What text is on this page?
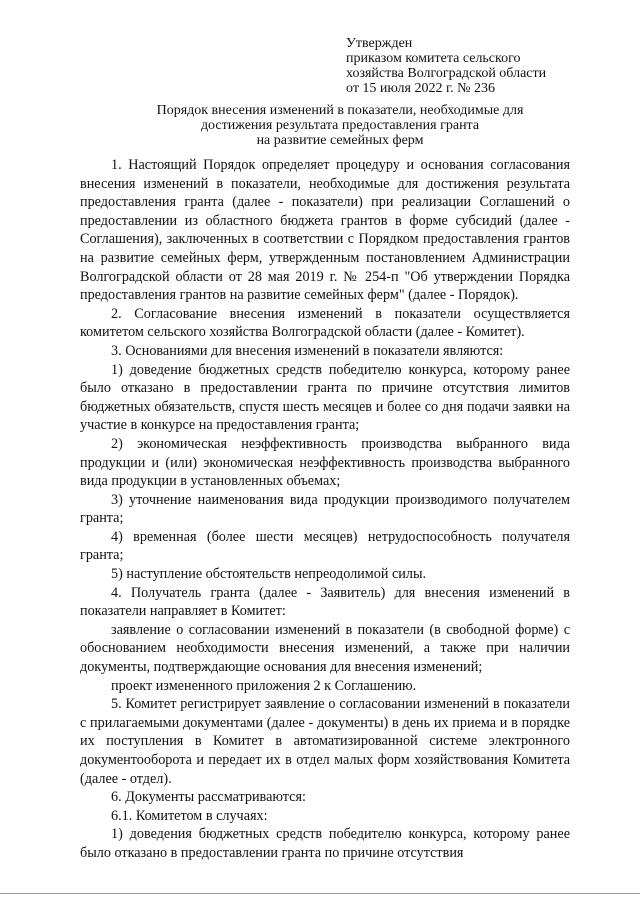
Утвержден
приказом комитета сельского
хозяйства Волгоградской области
от 15 июля 2022 г. № 236
Порядок внесения изменений в показатели, необходимые для
достижения результата предоставления гранта
на развитие семейных ферм

1. Настоящий Порядок определяет процедуру и основания согласования внесения изменений в показатели, необходимые для достижения результата предоставления гранта (далее - показатели) при реализации Соглашений о предоставлении из областного бюджета грантов в форме субсидий (далее - Соглашения), заключенных в соответствии с Порядком предоставления грантов на развитие семейных ферм, утвержденным постановлением Администрации Волгоградской области от 28 мая 2019 г. № 254-п "Об утверждении Порядка предоставления грантов на развитие семейных ферм" (далее - Порядок).

2. Согласование внесения изменений в показатели осуществляется комитетом сельского хозяйства Волгоградской области (далее - Комитет).

3. Основаниями для внесения изменений в показатели являются:

1) доведение бюджетных средств победителю конкурса, которому ранее было отказано в предоставлении гранта по причине отсутствия лимитов бюджетных обязательств, спустя шесть месяцев и более со дня подачи заявки на участие в конкурсе на предоставления гранта;

2) экономическая неэффективность производства выбранного вида продукции и (или) экономическая неэффективность производства выбранного вида продукции в установленных объемах;

3) уточнение наименования вида продукции производимого получателем гранта;

4) временная (более шести месяцев) нетрудоспособность получателя гранта;

5) наступление обстоятельств непреодолимой силы.

4. Получатель гранта (далее - Заявитель) для внесения изменений в показатели направляет в Комитет:

заявление о согласовании изменений в показатели (в свободной форме) с обоснованием необходимости внесения изменений, а также при наличии документы, подтверждающие основания для внесения изменений;

проект измененного приложения 2 к Соглашению.

5. Комитет регистрирует заявление о согласовании изменений в показатели с прилагаемыми документами (далее - документы) в день их приема и в порядке их поступления в Комитет в автоматизированной системе электронного документооборота и передает их в отдел малых форм хозяйствования Комитета (далее - отдел).

6. Документы рассматриваются:

6.1. Комитетом в случаях:

1) доведения бюджетных средств победителю конкурса, которому ранее было отказано в предоставлении гранта по причине отсутствия
